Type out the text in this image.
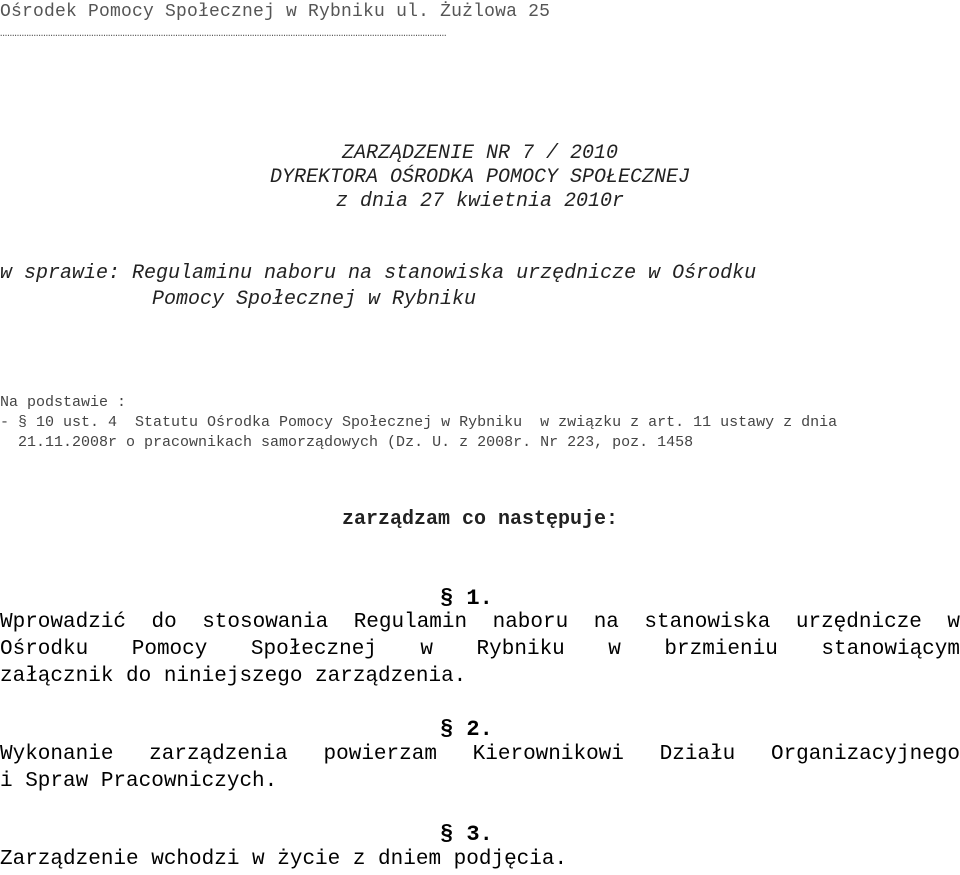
Ośrodek Pomocy Społecznej w Rybniku ul. Żużlowa 25
……………………………………………………………………………………………………………………………………………………………………
ZARZĄDZENIE NR 7 / 2010
DYREKTORA OŚRODKA POMOCY SPOŁECZNEJ
z dnia 27 kwietnia 2010r
w sprawie: Regulaminu naboru na stanowiska urzędnicze w Ośrodku
Pomocy Społecznej w Rybniku
Na podstawie :
- § 10 ust. 4  Statutu Ośrodka Pomocy Społecznej w Rybniku  w związku z art. 11 ustawy z dnia
21.11.2008r o pracownikach samorządowych (Dz. U. z 2008r. Nr 223, poz. 1458
zarządzam co następuje:
§ 1.
Wprowadzić do stosowania Regulamin naboru na stanowiska urzędnicze w
Ośrodku Pomocy Społecznej w Rybniku w brzmieniu stanowiącym
załącznik do niniejszego zarządzenia.
§ 2.
Wykonanie zarządzenia powierzam Kierownikowi Działu Organizacyjnego
i Spraw Pracowniczych.
§ 3.
Zarządzenie wchodzi w życie z dniem podjęcia.
